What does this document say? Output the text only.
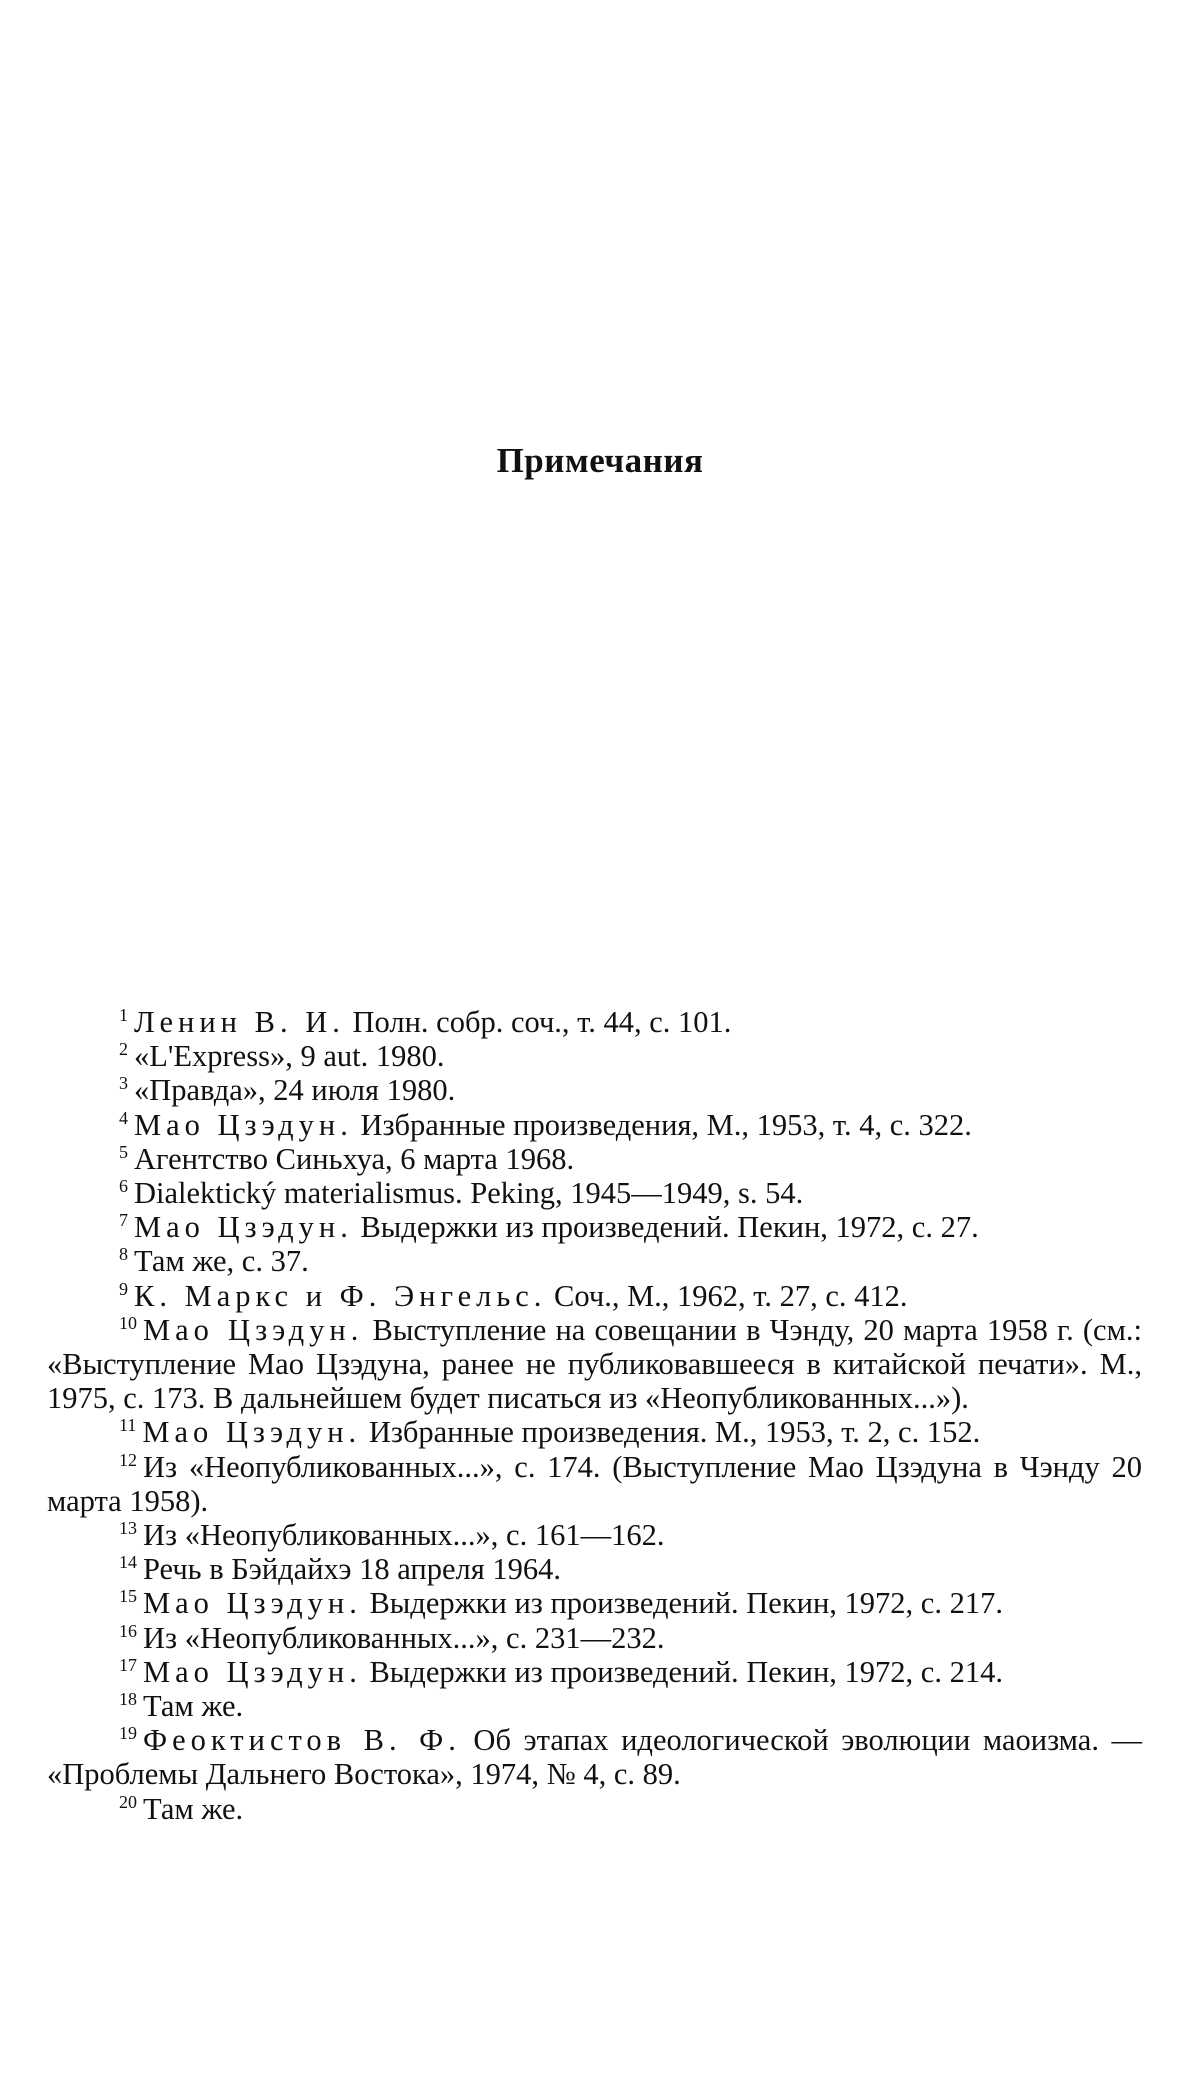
Примечания

$^1$ Ленин В. И. Полн. собр. соч., т. 44, с. 101.

$^2$ «L'Express», 9 aut. 1980.

$^3$ «Правда», 24 июля 1980.

$^4$ Мао Цзэдун. Избранные произведения, М., 1953, т. 4, с. 322.

$^5$ Агентство Синьхуа, 6 марта 1968.

$^6$ Dialektický materialismus. Peking, 1945—1949, s. 54.

$^7$ Мао Цзэдун. Выдержки из произведений. Пекин, 1972, с. 27.

$^8$ Там же, с. 37.

$^9$ К. Маркс и Ф. Энгельс. Соч., М., 1962, т. 27, с. 412.

$^{10}$ Мао Цзэдун. Выступление на совещании в Чэнду, 20 марта 1958 г. (см.: «Выступление Мао Цзэдуна, ранее не публиковавшееся в китайской печати». М., 1975, с. 173. В дальнейшем будет писаться из «Неопубликованных...»).

$^{11}$ Мао Цзэдун. Избранные произведения. М., 1953, т. 2, с. 152.

$^{12}$ Из «Неопубликованных...», с. 174. (Выступление Мао Цзэдуна в Чэнду 20 марта 1958).

$^{13}$ Из «Неопубликованных...», с. 161—162.

$^{14}$ Речь в Бэйдайхэ 18 апреля 1964.

$^{15}$ Мао Цзэдун. Выдержки из произведений. Пекин, 1972, с. 217.

$^{16}$ Из «Неопубликованных...», с. 231—232.

$^{17}$ Мао Цзэдун. Выдержки из произведений. Пекин, 1972, с. 214.

$^{18}$ Там же.

$^{19}$ Феоктистов В. Ф. Об этапах идеологической эволюции маоизма. — «Проблемы Дальнего Востока», 1974, № 4, с. 89.

$^{20}$ Там же.
